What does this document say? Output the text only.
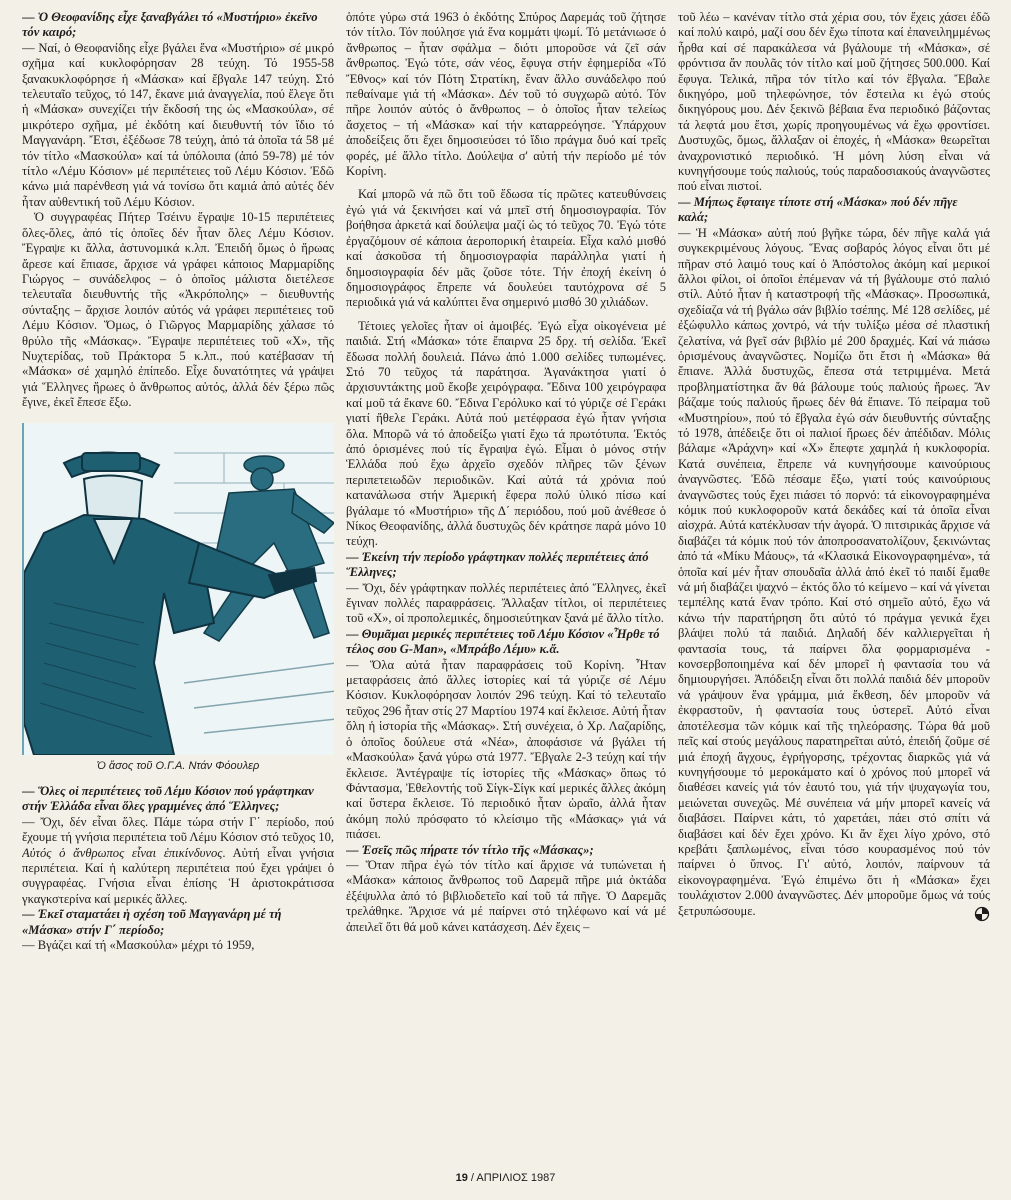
— Ὁ Θεοφανίδης εἶχε ξαναβγάλει τό «Μυστήριο» ἐκεῖνο τόν καιρό;

— Ναί, ὁ Θεοφανίδης εἶχε βγάλει ἕνα «Μυστήριο» σέ μικρό σχῆμα καί κυκλοφόρησαν 28 τεύχη. Τό 1955-58 ξανακυκλοφόρησε ἡ «Μάσκα» καί ἔβγαλε 147 τεύχη. Στό τελευταῖο τεῦχος, τό 147, ἔκανε μιά ἀναγγελία, πού ἔλεγε ὅτι ἡ «Μάσκα» συνεχίζει τήν ἔκδοσή της ὡς «Μασκούλα», σέ μικρότερο σχῆμα, μέ ἐκδότη καί διευθυντή τόν ἴδιο τό Μαγγανάρη. Ἔτσι, ἐξέδωσε 78 τεύχη, ἀπό τά ὁποῖα τά 58 μέ τόν τίτλο «Μασκούλα» καί τά ὑπόλοιπα (ἀπό 59-78) μέ τόν τίτλο «Λέμυ Κόσιον» μέ περιπέτειες τοῦ Λέμυ Κόσιον. Ἐδῶ κάνω μιά παρένθεση γιά νά τονίσω ὅτι καμιά ἀπό αὐτές δέν ἦταν αὐθεντική τοῦ Λέμυ Κόσιον.

Ὁ συγγραφέας Πήτερ Τσέινυ ἔγραψε 10-15 περιπέτειες ὅλες-ὅλες, ἀπό τίς ὁποῖες δέν ἦταν ὅλες Λέμυ Κόσιον. Ἔγραψε κι ἄλλα, ἀστυνομικά κ.λπ. Ἐπειδή ὅμως ὁ ἥρωας ἄρεσε καί ἔπιασε, ἄρχισε νά γράφει κάποιος Μαρμαρίδης Γιώργος – συνάδελφος – ὁ ὁποῖος μάλιστα διετέλεσε τελευταῖα διευθυντής τῆς «Ἀκρόπολης» – διευθυντής σύνταξης – ἄρχισε λοιπόν αὐτός νά γράφει περιπέτειες τοῦ Λέμυ Κόσιον. Ὅμως, ὁ Γιῶργος Μαρμαρίδης χάλασε τό θρύλο τῆς «Μάσκας». Ἔγραψε περιπέτειες τοῦ «Χ», τῆς Νυχτερίδας, τοῦ Πράκτορα 5 κ.λπ., πού κατέβασαν τή «Μάσκα» σέ χαμηλό ἐπίπεδο. Εἶχε δυνατότητες νά γράψει γιά Ἕλληνες ἥρωες ὁ ἄνθρωπος αὐτός, ἀλλά δέν ξέρω πῶς ἔγινε, ἐκεῖ ἔπεσε ἔξω.

Ὁ ἄσος τοῦ Ο.Γ.Α. Ντάν Φόουλερ

— Ὅλες οἱ περιπέτειες τοῦ Λέμυ Κόσιον πού γράφτηκαν στήν Ἑλλάδα εἶναι ὅλες γραμμένες ἀπό Ἕλληνες;

— Ὄχι, δέν εἶναι ὅλες. Πάμε τώρα στήν Γ΄ περίοδο, πού ἔχουμε τή γνήσια περιπέτεια τοῦ Λέμυ Κόσιον στό τεῦχος 10, Αὐτός ὁ ἄνθρωπος εἶναι ἐπικίνδυνος. Αὐτή εἶναι γνήσια περιπέτεια. Καί ἡ καλύτερη περιπέτεια πού ἔχει γράψει ὁ συγγραφέας. Γνήσια εἶναι ἐπίσης Ἡ ἀριστοκράτισσα γκαγκστερίνα καί μερικές ἄλλες.

— Ἐκεῖ σταματάει ἡ σχέση τοῦ Μαγγανάρη μέ τή «Μάσκα» στήν Γ΄ περίοδο;

— Βγάζει καί τή «Μασκούλα» μέχρι τό 1959,

ὁπότε γύρω στά 1963 ὁ ἐκδότης Σπύρος Δαρεμάς τοῦ ζήτησε τόν τίτλο. Τόν πούλησε γιά ἕνα κομμάτι ψωμί. Τό μετάνιωσε ὁ ἄνθρωπος – ἦταν σφάλμα – διότι μποροῦσε νά ζεῖ σάν ἄνθρωπος. Ἐγώ τότε, σάν νέος, ἔφυγα στήν ἐφημερίδα «Τό Ἔθνος» καί τόν Πότη Στρατίκη, ἕναν ἄλλο συνάδελφο πού πεθαίναμε γιά τή «Μάσκα». Δέν τοῦ τό συγχωρῶ αὐτό. Τόν πῆρε λοιπόν αὐτός ὁ ἄνθρωπος – ὁ ὁποῖος ἦταν τελείως ἄσχετος – τή «Μάσκα» καί τήν καταρρεόγησε. Ὑπάρχουν ἀποδείξεις ὅτι ἔχει δημοσιεύσει τό ἴδιο πράγμα δυό καί τρεῖς φορές, μέ ἄλλο τίτλο. Δούλεψα σ' αὐτή τήν περίοδο μέ τόν Κορίνη.

Καί μπορῶ νά πῶ ὅτι τοῦ ἔδωσα τίς πρῶτες κατευθύνσεις ἐγώ γιά νά ξεκινήσει καί νά μπεῖ στή δημοσιογραφία. Τόν βοήθησα ἀρκετά καί δούλεψα μαζί ὡς τό τεῦχος 70. Ἐγώ τότε ἐργαζόμουν σέ κάποια ἀεροπορική ἑταιρεία. Εἶχα καλό μισθό καί ἀσκοῦσα τή δημοσιογραφία παράλληλα γιατί ἡ δημοσιογραφία δέν μᾶς ζοῦσε τότε. Τήν ἐποχή ἐκείνη ὁ δημοσιογράφος ἔπρεπε νά δουλεύει ταυτόχρονα σέ 5 περιοδικά γιά νά καλύπτει ἕνα σημερινό μισθό 30 χιλιάδων.

Τέτοιες γελοῖες ἦταν οἱ ἀμοιβές. Ἐγώ εἶχα οἰκογένεια μέ παιδιά. Στή «Μάσκα» τότε ἔπαιρνα 25 δρχ. τή σελίδα. Ἐκεῖ ἔδωσα πολλή δουλειά. Πάνω ἀπό 1.000 σελίδες τυπωμένες. Στό 70 τεῦχος τά παράτησα. Ἀγανάκτησα γιατί ὁ ἀρχισυντάκτης μοῦ ἔκοβε χειρόγραφα. Ἔδινα 100 χειρόγραφα καί μοῦ τά ἔκανε 60. Ἔδινα Γερόλυκο καί τό γύριζε σέ Γεράκι γιατί ἤθελε Γεράκι. Αὐτά πού μετέφρασα ἐγώ ἦταν γνήσια ὅλα. Μπορῶ νά τό ἀποδείξω γιατί ἔχω τά πρωτότυπα. Ἐκτός ἀπό ὁρισμένες πού τίς ἔγραψα ἐγώ. Εἶμαι ὁ μόνος στήν Ἑλλάδα πού ἔχω ἀρχεῖο σχεδόν πλῆρες τῶν ξένων περιπετειωδῶν περιοδικῶν. Καί αὐτά τά χρόνια πού κατανάλωσα στήν Ἀμερική ἔφερα πολύ ὑλικό πίσω καί βγάλαμε τό «Μυστήριο» τῆς Δ΄ περιόδου, πού μοῦ ἀνέθεσε ὁ Νίκος Θεοφανίδης, ἀλλά δυστυχῶς δέν κράτησε παρά μόνο 10 τεύχη.

— Ἐκείνη τήν περίοδο γράφτηκαν πολλές περιπέτειες ἀπό Ἕλληνες;

— Ὄχι, δέν γράφτηκαν πολλές περιπέτειες ἀπό Ἕλληνες, ἐκεῖ ἔγιναν πολλές παραφράσεις. Ἄλλαξαν τίτλοι, οἱ περιπέτειες τοῦ «Χ», οἱ προπολεμικές, δημοσιεύτηκαν ξανά μέ ἄλλο τίτλο.

— Θυμᾶμαι μερικές περιπέτειες τοῦ Λέμυ Κόσιον «Ἦρθε τό τέλος σου G-Man», «Μπράβο Λέμυ» κ.ἄ.

— Ὅλα αὐτά ἦταν παραφράσεις τοῦ Κορίνη. Ἦταν μεταφράσεις ἀπό ἄλλες ἱστορίες καί τά γύριζε σέ Λέμυ Κόσιον. Κυκλοφόρησαν λοιπόν 296 τεύχη. Καί τό τελευταῖο τεῦχος 296 ἦταν στίς 27 Μαρτίου 1974 καί ἔκλεισε. Αὐτή ἦταν ὅλη ἡ ἱστορία τῆς «Μάσκας». Στή συνέχεια, ὁ Χρ. Λαζαρίδης, ὁ ὁποῖος δούλευε στά «Νέα», ἀποφάσισε νά βγάλει τή «Μασκούλα» ξανά γύρω στά 1977. Ἔβγαλε 2-3 τεύχη καί τήν ἔκλεισε. Ἀντέγραψε τίς ἱστορίες τῆς «Μάσκας» ὅπως τό Φάντασμα, Ἐθελοντής τοῦ Σίγκ-Σίγκ καί μερικές ἄλλες ἀκόμη καί ὕστερα ἔκλεισε. Τό περιοδικό ἦταν ὡραῖο, ἀλλά ἦταν ἀκόμη πολύ πρόσφατο τό κλείσιμο τῆς «Μάσκας» γιά νά πιάσει.

— Ἐσεῖς πῶς πήρατε τόν τίτλο τῆς «Μάσκας»;

— Ὅταν πῆρα ἐγώ τόν τίτλο καί ἄρχισε νά τυπώνεται ἡ «Μάσκα» κάποιος ἄνθρωπος τοῦ Δαρεμᾶ πῆρε μιά ὀκτάδα ἐξέψυλλα ἀπό τό βιβλιοδετεῖο καί τοῦ τά πῆγε. Ὁ Δαρεμᾶς τρελάθηκε. Ἄρχισε νά μέ παίρνει στό τηλέφωνο καί νά μέ ἀπειλεῖ ὅτι θά μοῦ κάνει κατάσχεση. Δέν ἔχεις –

τοῦ λέω – κανέναν τίτλο στά χέρια σου, τόν ἔχεις χάσει ἐδῶ καί πολύ καιρό, μαζί σου δέν ἔχω τίποτα καί ἐπανειλημμένως ἦρθα καί σέ παρακάλεσα νά βγάλουμε τή «Μάσκα», σέ φρόντισα ἄν πουλᾶς τόν τίτλο καί μοῦ ζήτησες 500.000. Καί ἔφυγα. Τελικά, πῆρα τόν τίτλο καί τόν ἔβγαλα. Ἔβαλε δικηγόρο, μοῦ τηλεφώνησε, τόν ἔστειλα κι ἐγώ στούς δικηγόρους μου. Δέν ξεκινῶ βέβαια ἕνα περιοδικό βάζοντας τά λεφτά μου ἔτσι, χωρίς προηγουμένως νά ἔχω φροντίσει. Δυστυχῶς, ὅμως, ἄλλαξαν οἱ ἐποχές, ἡ «Μάσκα» θεωρεῖται ἀναχρονιστικό περιοδικό. Ἡ μόνη λύση εἶναι νά κυνηγήσουμε τούς παλιούς, τούς παραδοσιακούς ἀναγνῶστες πού εἶναι πιστοί.

— Μήπως ἔφταιγε τίποτε στή «Μάσκα» πού δέν πῆγε καλά;

— Ἡ «Μάσκα» αὐτή πού βγῆκε τώρα, δέν πῆγε καλά γιά συγκεκριμένους λόγους. Ἕνας σοβαρός λόγος εἶναι ὅτι μέ πῆραν στό λαιμό τους καί ὁ Ἀπόστολος ἀκόμη καί μερικοί ἄλλοι φίλοι, οἱ ὁποῖοι ἐπέμεναν νά τή βγάλουμε στό παλιό στίλ. Αὐτό ἦταν ἡ καταστροφή τῆς «Μάσκας». Προσωπικά, σχεδίαζα νά τή βγάλω σάν βιβλίο τσέπης. Μέ 128 σελίδες, μέ ἐξώφυλλο κάπως χοντρό, νά τήν τυλίξω μέσα σέ πλαστική ζελατίνα, νά βγεῖ σάν βιβλίο μέ 200 δραχμές. Καί νά πιάσω ὁρισμένους ἀναγνῶστες. Νομίζω ὅτι ἔτσι ἡ «Μάσκα» θά ἔπιανε. Ἀλλά δυστυχῶς, ἔπεσα στά τετριμμένα. Μετά προβληματίστηκα ἄν θά βάλουμε τούς παλιούς ἥρωες. Ἄν βάζαμε τούς παλιούς ἥρωες δέν θά ἔπιανε. Τό πείραμα τοῦ «Μυστηρίου», πού τό ἔβγαλα ἐγώ σάν διευθυντής σύνταξης τό 1978, ἀπέδειξε ὅτι οἱ παλιοί ἥρωες δέν ἀπέδιδαν. Μόλις βάλαμε «Ἀράχνη» καί «Χ» ἔπεφτε χαμηλά ἡ κυκλοφορία. Κατά συνέπεια, ἔπρεπε νά κυνηγήσουμε καινούριους ἀναγνῶστες. Ἐδῶ πέσαμε ἔξω, γιατί τούς καινούριους ἀναγνῶστες τούς ἔχει πιάσει τό πορνό: τά εἰκονογραφημένα κόμικ πού κυκλοφοροῦν κατά δεκάδες καί τά ὁποῖα εἶναι αἰσχρά. Αὐτά κατέκλυσαν τήν ἀγορά. Ὁ πιτσιρικάς ἄρχισε νά διαβάζει τά κόμικ πού τόν ἀποπροσανατολίζουν, ξεκινώντας ἀπό τά «Μίκυ Μάους», τά «Κλασικά Εἰκονογραφημένα», τά ὁποῖα καί μέν ἦταν σπουδαῖα ἀλλά ἀπό ἐκεῖ τό παιδί ἔμαθε νά μή διαβάζει ψαχνό – ἐκτός ὅλο τό κείμενο – καί νά γίνεται τεμπέλης κατά ἕναν τρόπο. Καί στό σημεῖο αὐτό, ἔχω νά κάνω τήν παρατήρηση ὅτι αὐτό τό πράγμα γενικά ἔχει βλάψει πολύ τά παιδιά. Δηλαδή δέν καλλιεργεῖται ἡ φαντασία τους, τά παίρνει ὅλα φορμαρισμένα - κονσερβοποιημένα καί δέν μπορεῖ ἡ φαντασία του νά δημιουργήσει. Ἀπόδειξη εἶναι ὅτι πολλά παιδιά δέν μποροῦν νά γράψουν ἕνα γράμμα, μιά ἔκθεση, δέν μποροῦν νά ἐκφραστοῦν, ἡ φαντασία τους ὑστερεῖ. Αὐτό εἶναι ἀποτέλεσμα τῶν κόμικ καί τῆς τηλεόρασης. Τώρα θά μοῦ πεῖς καί στούς μεγάλους παρατηρεῖται αὐτό, ἐπειδή ζοῦμε σέ μιά ἐποχή ἄγχους, ἐγρήγορσης, τρέχοντας διαρκῶς γιά νά κυνηγήσουμε τό μεροκάματο καί ὁ χρόνος πού μπορεῖ νά διαθέσει κανείς γιά τόν ἑαυτό του, γιά τήν ψυχαγωγία του, μειώνεται συνεχῶς. Μέ συνέπεια νά μήν μπορεῖ κανείς νά διαβάσει. Παίρνει κάτι, τό χαρετάει, πάει στό σπίτι νά διαβάσει καί δέν ἔχει χρόνο. Κι ἄν ἔχει λίγο χρόνο, στό κρεβάτι ξαπλωμένος, εἶναι τόσο κουρασμένος πού τόν παίρνει ὁ ὕπνος. Γι' αὐτό, λοιπόν, παίρνουν τά εἰκονογραφημένα. Ἐγώ ἐπιμένω ὅτι ἡ «Μάσκα» ἔχει τουλάχιστον 2.000 ἀναγνῶστες. Δέν μποροῦμε ὅμως νά τούς ξετρυπώσουμε.

19 / ΑΠΡΙΛΙΟΣ 1987
